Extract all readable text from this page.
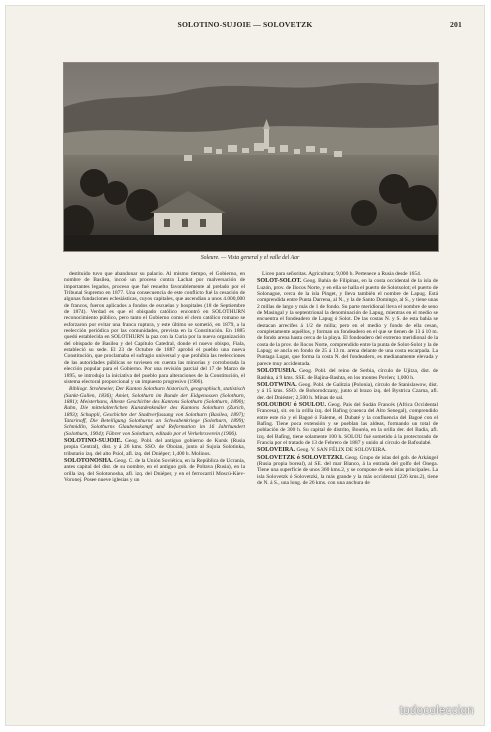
SOLOTINO-SUJOIE — SOLOVETZK	201
Soleure. — Vista general y el valle del Aar

destituido tuvo que abandonar su palacio. Al mismo tiempo, el Gobierno, en nombre de Basilea, incoó un proceso contra Lachat por malversación de importantes legados, proceso que fué resuelto favorablemente al prelado por el Tribunal Supremo en 1877. Una consecuencia de este conflicto fué la cesación de algunas fundaciones eclesiásticas, cuyos capitales, que ascendían a unos 4.000,000 de francos, fueron aplicados a fondos de escuelas y hospitales (18 de Septiembre de 1874). Verdad es que el obispado católico encontró en SOLOTHURN reconocimiento público, pero tanto el Gobierno como el clero católico romano se esforzaron por evitar una franca ruptura, y este último se sometió, en 1879, a la reelección periódica por las comunidades, prevista en la Constitución. En 1885 quedó establecida en SOLOTHURN la paz con la Curia por la nueva organización del obispado de Basilea y del Capítulo Catedral, donde el nuevo obispo, Fiala, estableció su sede. El 23 de Octubre de 1887 aprobó el pueblo una nueva Constitución, que proclamaba el sufragio universal y que prohibía las reelecciones de las autoridades públicas se tuviesen en cuenta las minorías y corroborada la elección popular para el Gobierno. Por una revisión parcial del 17 de Marzo de 1895, se introdujo la iniciativa del pueblo para alteraciones de la Constitución, el sistema electoral proporcional y un impuesto progresivo (1906).

Bibliogr. Strohmeier, Der Kanton Solothurn historisch, geographisch, statistisch (Sankt-Gallen, 1836); Amiet, Solothurn im Bunde der Eidgenossen (Solothurn, 1881); Meisterhans, Älteste Geschichte des Kantons Solothurn (Solothurn, 1890); Rahn, Die mittelalterlichen Kunstdenkmäler des Kantons Solothurn (Zurich, 1893); Schuppli, Geschichte der Stadtverfassung von Solothurn (Basilea, 1897); Tatarinoff, Die Beteiligung Solothurns an Schwabenkriege (Solothurn, 1899); Schmidlin, Solothurns Glaubenskampf und Reformation im 16 Jahrhundert (Solothurn, 1904); Führer von Solothurn, editado por el Verkehrsverein (1906).

SOLOTINO-SUJOIE. Geog. Pobl. del antiguo gobierno de Kursk (Rusia propia Central), dist. y á 26 kms. SSO. de Oboian, junto al Sujoia Solotinka, tributario izq. del alto Psiol, afl. izq. del Dniéper; 1,400 h. Molinos.

SOLOTONOSHA. Geog. C. de la Unión Soviética, en la República de Ucrania, antes capital del dist. de su nombre, en el antiguo gob. de Poltava (Rusia), en la orilla izq. del Solotonosha, afl. izq. del Dniéper, y en el ferrocarril Moscú-Kiev-Voronej. Posee nueve iglesias y un

Liceo para señoritas. Agricultura; 9,000 h. Pertenece a Rusia desde 1654.

SOLOT-SOLOT. Geog. Bahía de Filipinas, en la costa occidental de la isla de Luzón, prov. de Ilocos Norte, y en ella se halla el puerto de Solotsolot; el puerto de Solonague, cerca de la isla Pinget, y lleva también el nombre de Lapug. Está comprendida entre Punta Darrena, al N., y la de Santo Domingo, al S., y tiene unas 2 millas de largo y más de 1 de fondo. Su parte meridional lleva el nombre de seno de Masingal y la septentrional la denominación de Lapug, mientras en el medio se encuentra el fondeadero de Lapug ó Solot. De las costas N. y S. de esta bahía se destacan arrecifes á 1/2 de milla; pero en el medio y fondo de ella cesan, completamente aquéllos, y forman un fondeadero en el que se tienen de 13 á 10 m. de fondo arena hasta cerca de la playa. El fondeadero del extremo meridional de la costa de la prov. de Ilocos Norte, comprendido entre la punta de Solot-Solot y la de Lapug; se ancla en fondo de 25 á 13 m. arena delante de una costa escarpada. La Puntaga Lugat, que forma la costa N. del fondeadero, es medianamente elevada y parece muy accidentada.

SOLOTUSHA. Geog. Pobl. del reino de Serbia, círculo de Ujitza, dist. de Rashka, á 9 kms. SSE. de Bajina-Bashta, en los montes Povlen; 1,000 h.

SOLOTWINA. Geog. Pobl. de Galitzia (Polonia), círculo de Stanislawow, dist. y á 15 kms. SSO. de Bohorodczany, junto al brazo izq. del Bystrica Czarna, afl. der. del Dniéster; 2,500 h. Minas de sal.

SOLOUBOU ó SOULOU. Geog. País del Sudán Francés (Africa Occidental Francesa), sit. en la orilla izq. del Bafing (cuenca del Alto Senegal), comprendido entre este río y el Bagoé ó Faleme, el Dubaté y la confluencia del Bagoé con el Bafing. Tiene poca extensión y se pueblan las aldeas, formando un total de población de 300 h. Su capital de distrito, Bouréa, en la orilla der. del Badia, afl. izq. del Bafing, tiene solamente 100 h. SOLOU fué sometido á la protectorado de Francia por el tratado de 13 de Febrero de 1887 y unido al círculo de Bafoulabé.

SOLOVEIRA. Geog. V. SAN FÉLIX DE SOLOVEIRA.

SOLOVETZK ó SOLOVETZKI. Geog. Grupo de islas del gob. de Arkángel (Rusia propia boreal), al SE. del mar Blanco, á la entrada del golfo del Onega. Tiene una superficie de unos 360 kms.2, y se compone de seis islas principales. La isla Solovetzk ó Solovetzki, la más grande y la más occidental (226 kms.2), tiene de N. á S., una long. de 26 kms. con una anchura de

todocoleccion
